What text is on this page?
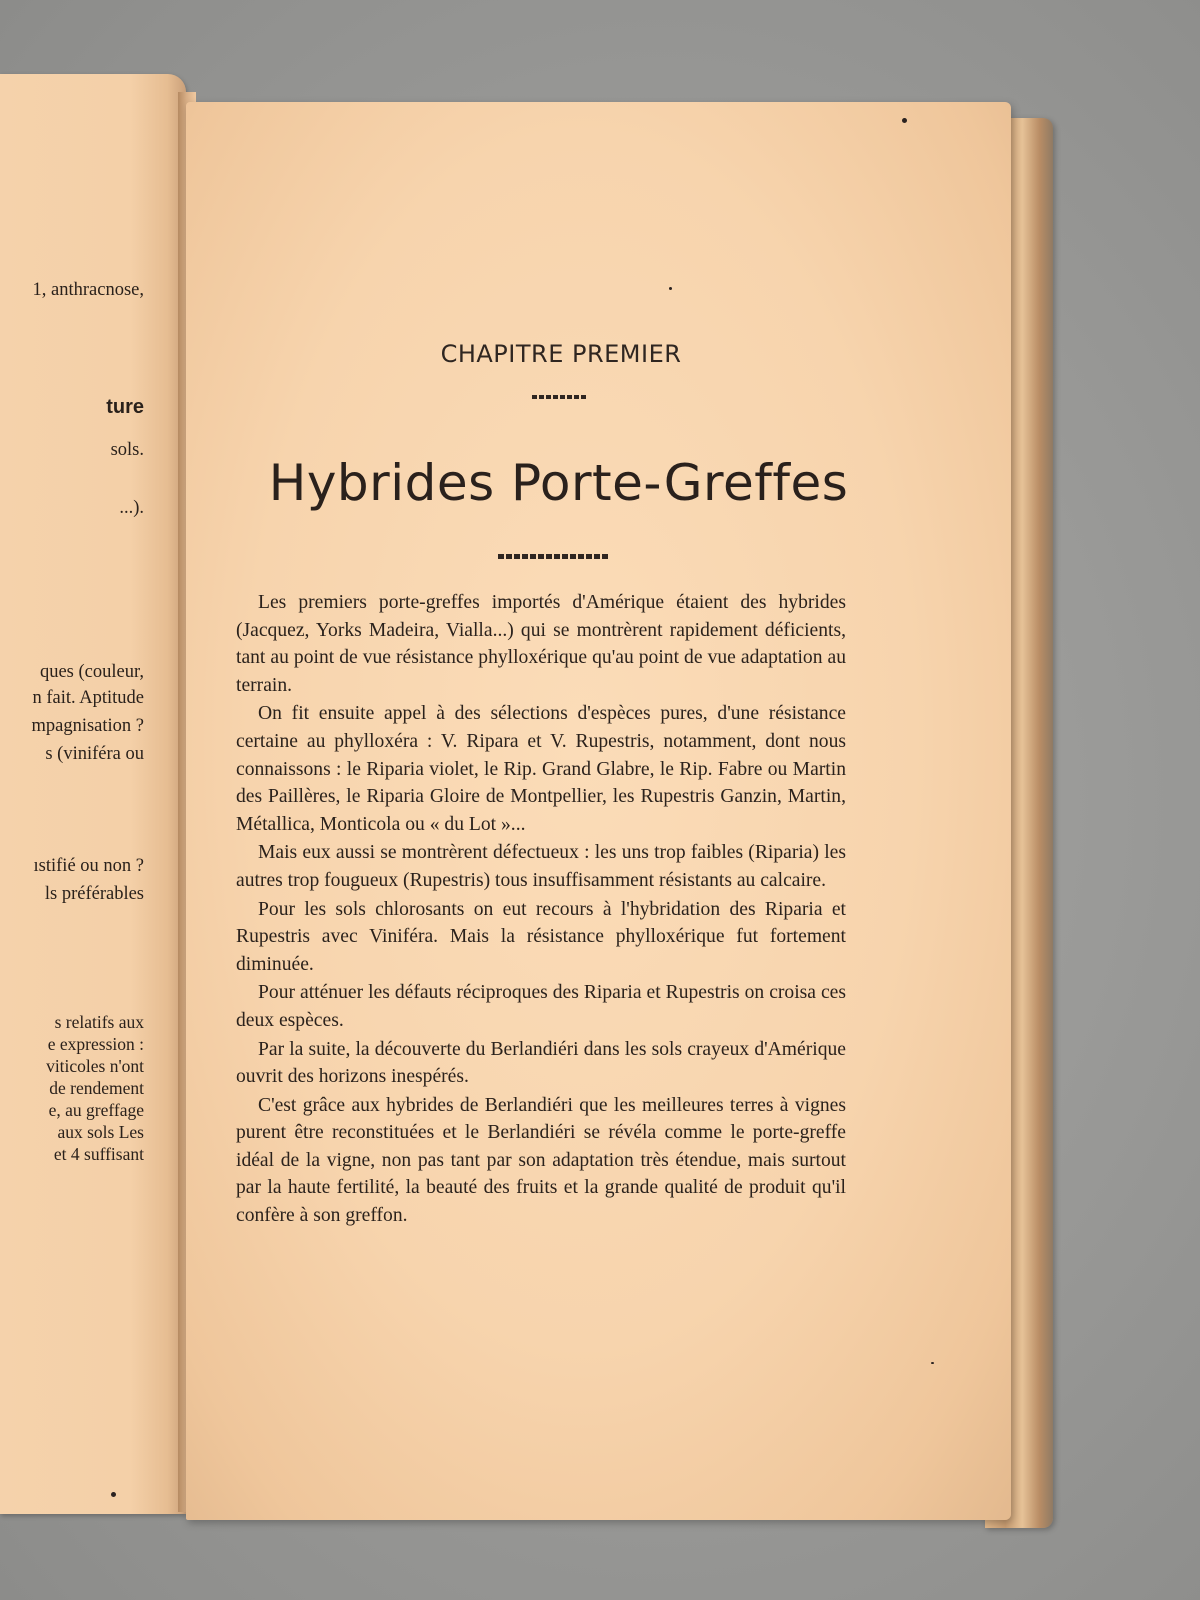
1, anthracnose,

ture

sols.

...).

ques (couleur,

n fait. Aptitude

mpagnisation ?

s (viniféra ou

ıstifié ou non ?

ls préférables

s relatifs aux

e expression :

viticoles n'ont

de rendement

e, au greffage

aux sols Les

et 4 suffisant

CHAPITRE PREMIER
Hybrides Porte-Greffes

Les premiers porte-greffes importés d'Amérique étaient des hybrides (Jacquez, Yorks Madeira, Vialla...) qui se montrèrent rapidement déficients, tant au point de vue résistance phylloxérique qu'au point de vue adaptation au terrain.

On fit ensuite appel à des sélections d'espèces pures, d'une résistance certaine au phylloxéra : V. Ripara et V. Rupestris, notamment, dont nous connaissons : le Riparia violet, le Rip. Grand Glabre, le Rip. Fabre ou Martin des Paillères, le Riparia Gloire de Montpellier, les Rupestris Ganzin, Martin, Métallica, Monticola ou « du Lot »...

Mais eux aussi se montrèrent défectueux : les uns trop faibles (Riparia) les autres trop fougueux (Rupestris) tous insuffisamment résistants au calcaire.

Pour les sols chlorosants on eut recours à l'hybridation des Riparia et Rupestris avec Viniféra. Mais la résistance phylloxérique fut fortement diminuée.

Pour atténuer les défauts réciproques des Riparia et Rupestris on croisa ces deux espèces.

Par la suite, la découverte du Berlandiéri dans les sols crayeux d'Amérique ouvrit des horizons inespérés.

C'est grâce aux hybrides de Berlandiéri que les meilleures terres à vignes purent être reconstituées et le Berlandiéri se révéla comme le porte-greffe idéal de la vigne, non pas tant par son adaptation très étendue, mais surtout par la haute fertilité, la beauté des fruits et la grande qualité de produit qu'il confère à son greffon.
